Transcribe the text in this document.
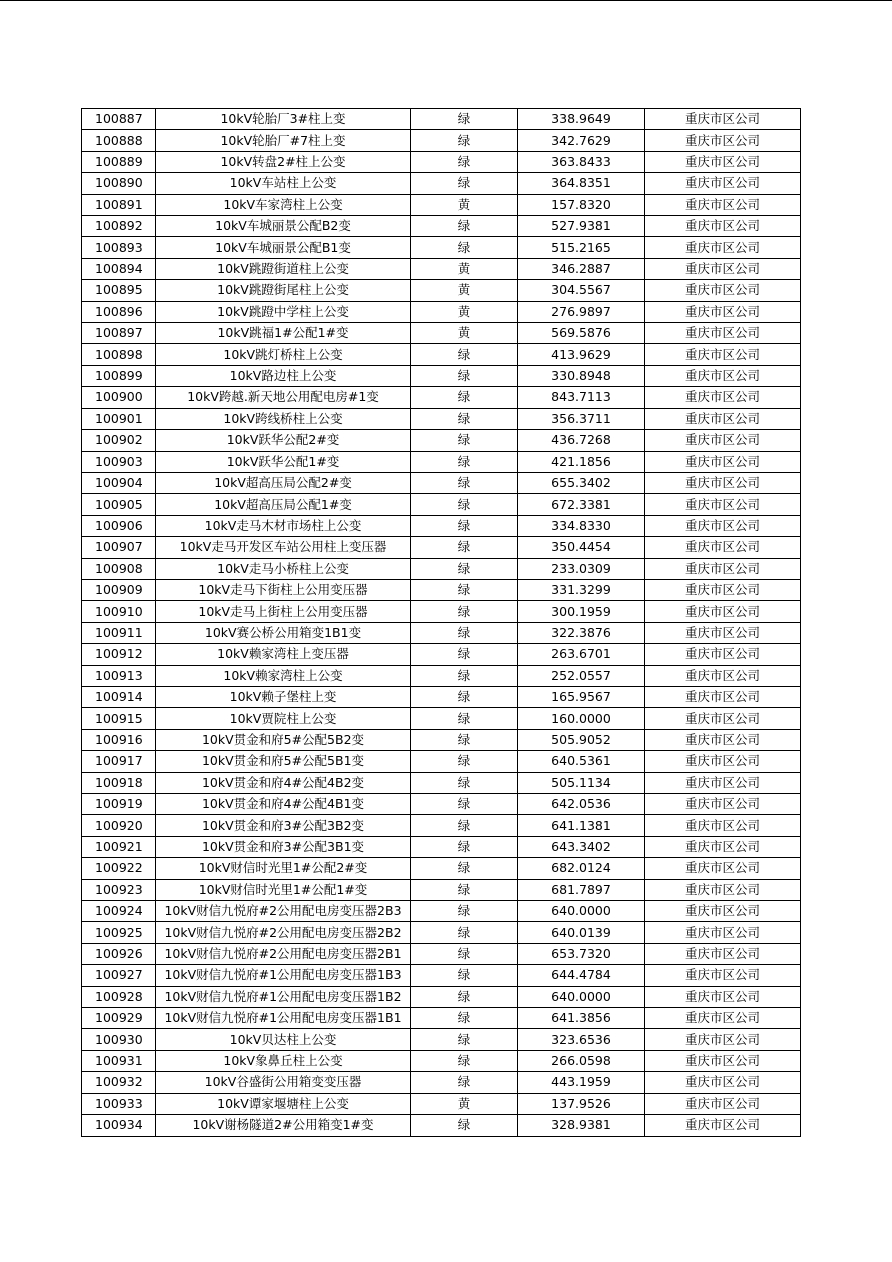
100887	10kV轮胎厂3#柱上变	绿	338.9649	重庆市区公司
100888	10kV轮胎厂#7柱上变	绿	342.7629	重庆市区公司
100889	10kV转盘2#柱上公变	绿	363.8433	重庆市区公司
100890	10kV车站柱上公变	绿	364.8351	重庆市区公司
100891	10kV车家湾柱上公变	黄	157.8320	重庆市区公司
100892	10kV车城丽景公配B2变	绿	527.9381	重庆市区公司
100893	10kV车城丽景公配B1变	绿	515.2165	重庆市区公司
100894	10kV跳蹬街道柱上公变	黄	346.2887	重庆市区公司
100895	10kV跳蹬街尾柱上公变	黄	304.5567	重庆市区公司
100896	10kV跳蹬中学柱上公变	黄	276.9897	重庆市区公司
100897	10kV跳福1#公配1#变	黄	569.5876	重庆市区公司
100898	10kV跳灯桥柱上公变	绿	413.9629	重庆市区公司
100899	10kV路边柱上公变	绿	330.8948	重庆市区公司
100900	10kV跨越.新天地公用配电房#1变	绿	843.7113	重庆市区公司
100901	10kV跨线桥柱上公变	绿	356.3711	重庆市区公司
100902	10kV跃华公配2#变	绿	436.7268	重庆市区公司
100903	10kV跃华公配1#变	绿	421.1856	重庆市区公司
100904	10kV超高压局公配2#变	绿	655.3402	重庆市区公司
100905	10kV超高压局公配1#变	绿	672.3381	重庆市区公司
100906	10kV走马木材市场柱上公变	绿	334.8330	重庆市区公司
100907	10kV走马开发区车站公用柱上变压器	绿	350.4454	重庆市区公司
100908	10kV走马小桥柱上公变	绿	233.0309	重庆市区公司
100909	10kV走马下街柱上公用变压器	绿	331.3299	重庆市区公司
100910	10kV走马上街柱上公用变压器	绿	300.1959	重庆市区公司
100911	10kV赛公桥公用箱变1B1变	绿	322.3876	重庆市区公司
100912	10kV赖家湾柱上变压器	绿	263.6701	重庆市区公司
100913	10kV赖家湾柱上公变	绿	252.0557	重庆市区公司
100914	10kV赖子堡柱上变	绿	165.9567	重庆市区公司
100915	10kV贾院柱上公变	绿	160.0000	重庆市区公司
100916	10kV贯金和府5#公配5B2变	绿	505.9052	重庆市区公司
100917	10kV贯金和府5#公配5B1变	绿	640.5361	重庆市区公司
100918	10kV贯金和府4#公配4B2变	绿	505.1134	重庆市区公司
100919	10kV贯金和府4#公配4B1变	绿	642.0536	重庆市区公司
100920	10kV贯金和府3#公配3B2变	绿	641.1381	重庆市区公司
100921	10kV贯金和府3#公配3B1变	绿	643.3402	重庆市区公司
100922	10kV财信时光里1#公配2#变	绿	682.0124	重庆市区公司
100923	10kV财信时光里1#公配1#变	绿	681.7897	重庆市区公司
100924	10kV财信九悦府#2公用配电房变压器2B3	绿	640.0000	重庆市区公司
100925	10kV财信九悦府#2公用配电房变压器2B2	绿	640.0139	重庆市区公司
100926	10kV财信九悦府#2公用配电房变压器2B1	绿	653.7320	重庆市区公司
100927	10kV财信九悦府#1公用配电房变压器1B3	绿	644.4784	重庆市区公司
100928	10kV财信九悦府#1公用配电房变压器1B2	绿	640.0000	重庆市区公司
100929	10kV财信九悦府#1公用配电房变压器1B1	绿	641.3856	重庆市区公司
100930	10kV贝达柱上公变	绿	323.6536	重庆市区公司
100931	10kV象鼻丘柱上公变	绿	266.0598	重庆市区公司
100932	10kV谷盛街公用箱变变压器	绿	443.1959	重庆市区公司
100933	10kV谭家堰塘柱上公变	黄	137.9526	重庆市区公司
100934	10kV谢杨隧道2#公用箱变1#变	绿	328.9381	重庆市区公司
